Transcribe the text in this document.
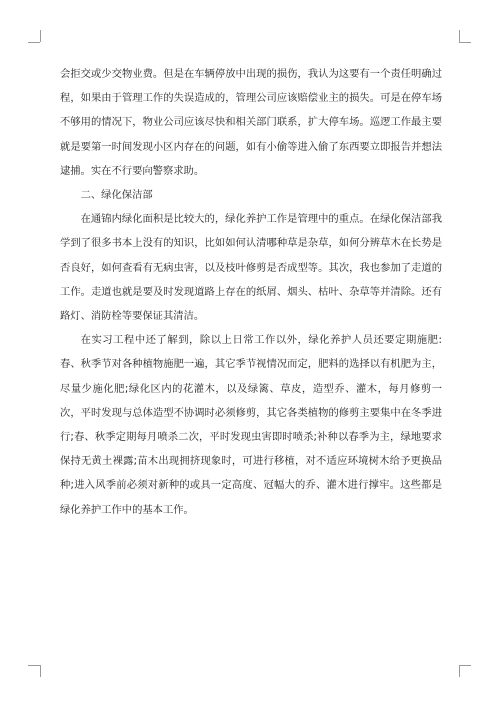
会拒交或少交物业费。但是在车辆停放中出现的损伤，我认为这要有一个责任明确过程，如果由于管理工作的失误造成的，管理公司应该赔偿业主的损失。可是在停车场不够用的情况下，物业公司应该尽快和相关部门联系，扩大停车场。巡逻工作最主要就是要第一时间发现小区内存在的问题，如有小偷等进入偷了东西要立即报告并想法逮捕。实在不行要向警察求助。

二、绿化保洁部

在通锦内绿化面积是比较大的，绿化养护工作是管理中的重点。在绿化保洁部我学到了很多书本上没有的知识，比如如何认清哪种草是杂草，如何分辨草木在长势是否良好，如何查看有无病虫害，以及枝叶修剪是否成型等。其次，我也参加了走道的工作。走道也就是要及时发现道路上存在的纸屑、烟头、枯叶、杂草等并清除。还有路灯、消防栓等要保证其清洁。

在实习工程中还了解到，除以上日常工作以外，绿化养护人员还要定期施肥:春、秋季节对各种植物施肥一遍，其它季节视情况而定，肥料的选择以有机肥为主，尽量少施化肥;绿化区内的花灌木，以及绿篱、草皮，造型乔、灌木，每月修剪一次，平时发现与总体造型不协调时必须修剪，其它各类植物的修剪主要集中在冬季进行;春、秋季定期每月喷杀二次，平时发现虫害即时喷杀;补种以春季为主，绿地要求保持无黄土裸露;苗木出现拥挤现象时，可进行移植，对不适应环境树木给予更换品种;进入风季前必须对新种的或具一定高度、冠幅大的乔、灌木进行撑牢。这些都是绿化养护工作中的基本工作。
